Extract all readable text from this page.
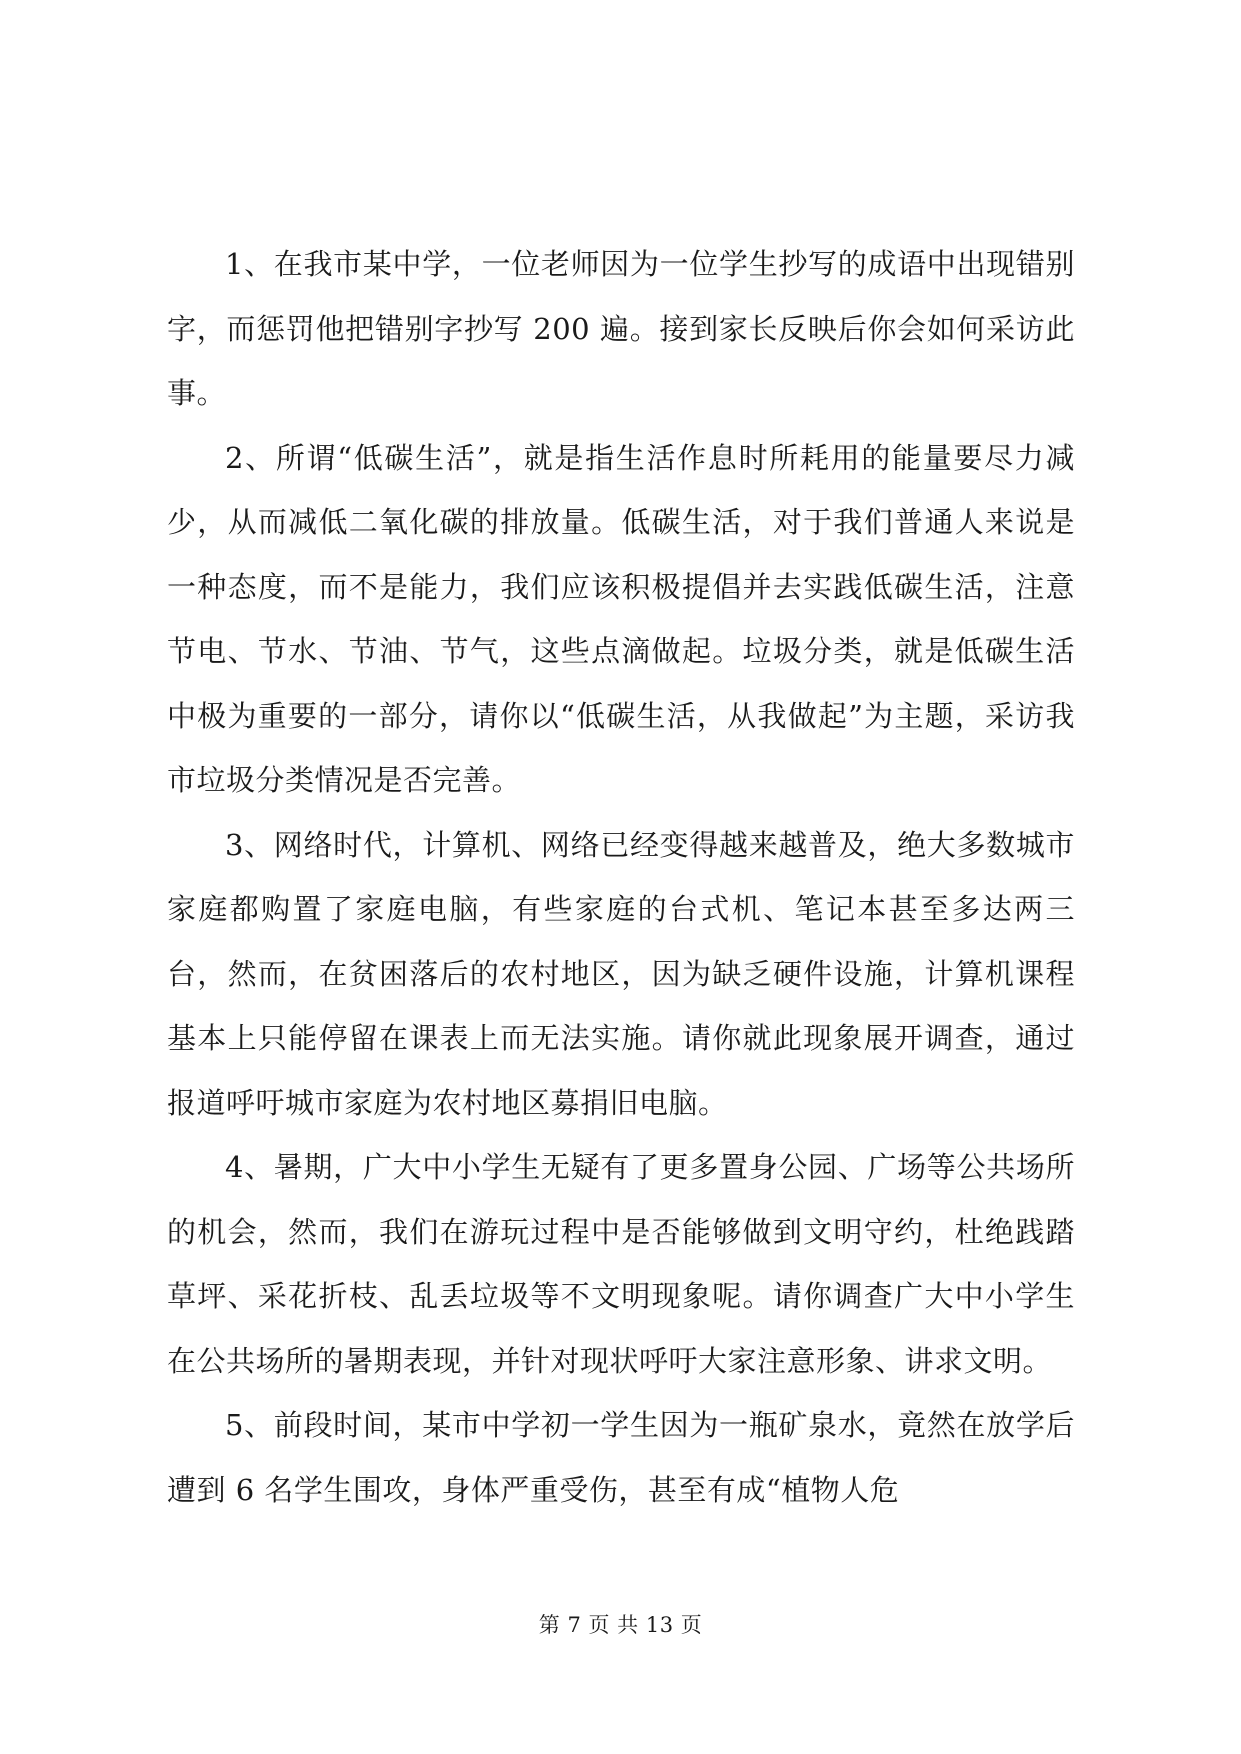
1、在我市某中学，一位老师因为一位学生抄写的成语中出现错别字，而惩罚他把错别字抄写 200 遍。接到家长反映后你会如何采访此事。

2、所谓“低碳生活”，就是指生活作息时所耗用的能量要尽力减少，从而减低二氧化碳的排放量。低碳生活，对于我们普通人来说是一种态度，而不是能力，我们应该积极提倡并去实践低碳生活，注意节电、节水、节油、节气，这些点滴做起。垃圾分类，就是低碳生活中极为重要的一部分，请你以“低碳生活，从我做起”为主题，采访我市垃圾分类情况是否完善。

3、网络时代，计算机、网络已经变得越来越普及，绝大多数城市家庭都购置了家庭电脑，有些家庭的台式机、笔记本甚至多达两三台，然而，在贫困落后的农村地区，因为缺乏硬件设施，计算机课程基本上只能停留在课表上而无法实施。请你就此现象展开调查，通过报道呼吁城市家庭为农村地区募捐旧电脑。

4、暑期，广大中小学生无疑有了更多置身公园、广场等公共场所的机会，然而，我们在游玩过程中是否能够做到文明守约，杜绝践踏草坪、采花折枝、乱丢垃圾等不文明现象呢。请你调查广大中小学生在公共场所的暑期表现，并针对现状呼吁大家注意形象、讲求文明。

5、前段时间，某市中学初一学生因为一瓶矿泉水，竟然在放学后遭到 6 名学生围攻，身体严重受伤，甚至有成“植物人危

第 7 页 共 13 页
